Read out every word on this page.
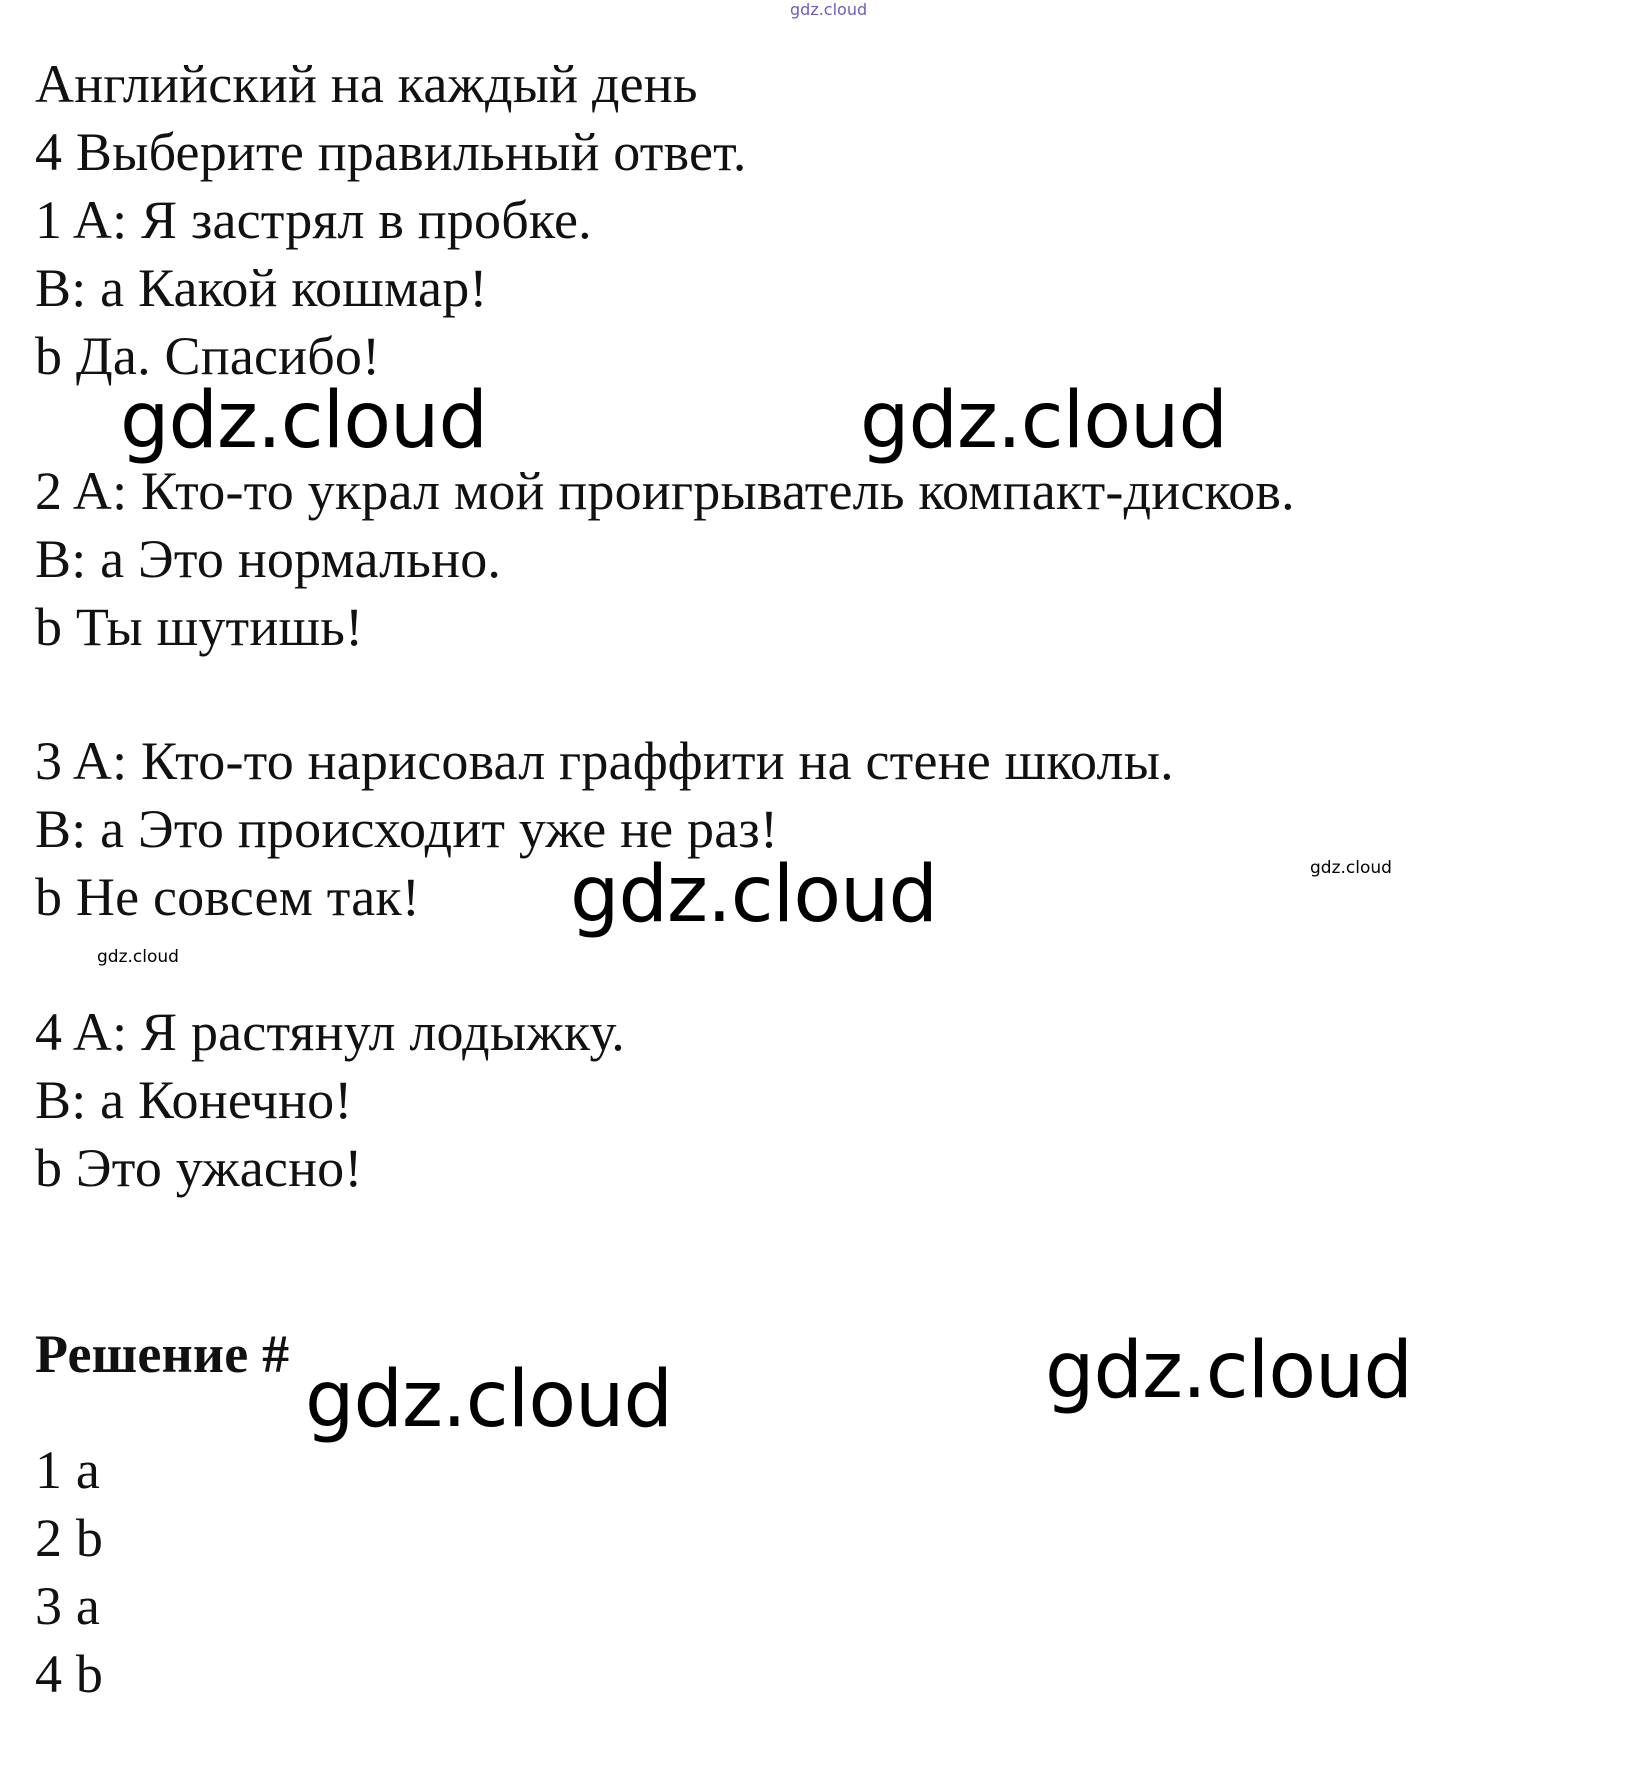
gdz.cloud
Английский на каждый день
4 Выберите правильный ответ.
1 A: Я застрял в пробке.
B: a Какой кошмар!
b Да. Спасибо!
2 A: Кто-то украл мой проигрыватель компакт-дисков.
B: a Это нормально.
b Ты шутишь!
3 A: Кто-то нарисовал граффити на стене школы.
B: a Это происходит уже не раз!
b Не совсем так!
4 A: Я растянул лодыжку.
B: a Конечно!
b Это ужасно!
Решение #
1 a
2 b
3 a
4 b
gdz.cloud	gdz.cloud
gdz.cloud
gdz.cloud	gdz.cloud
gdz.cloud
gdz.cloud
